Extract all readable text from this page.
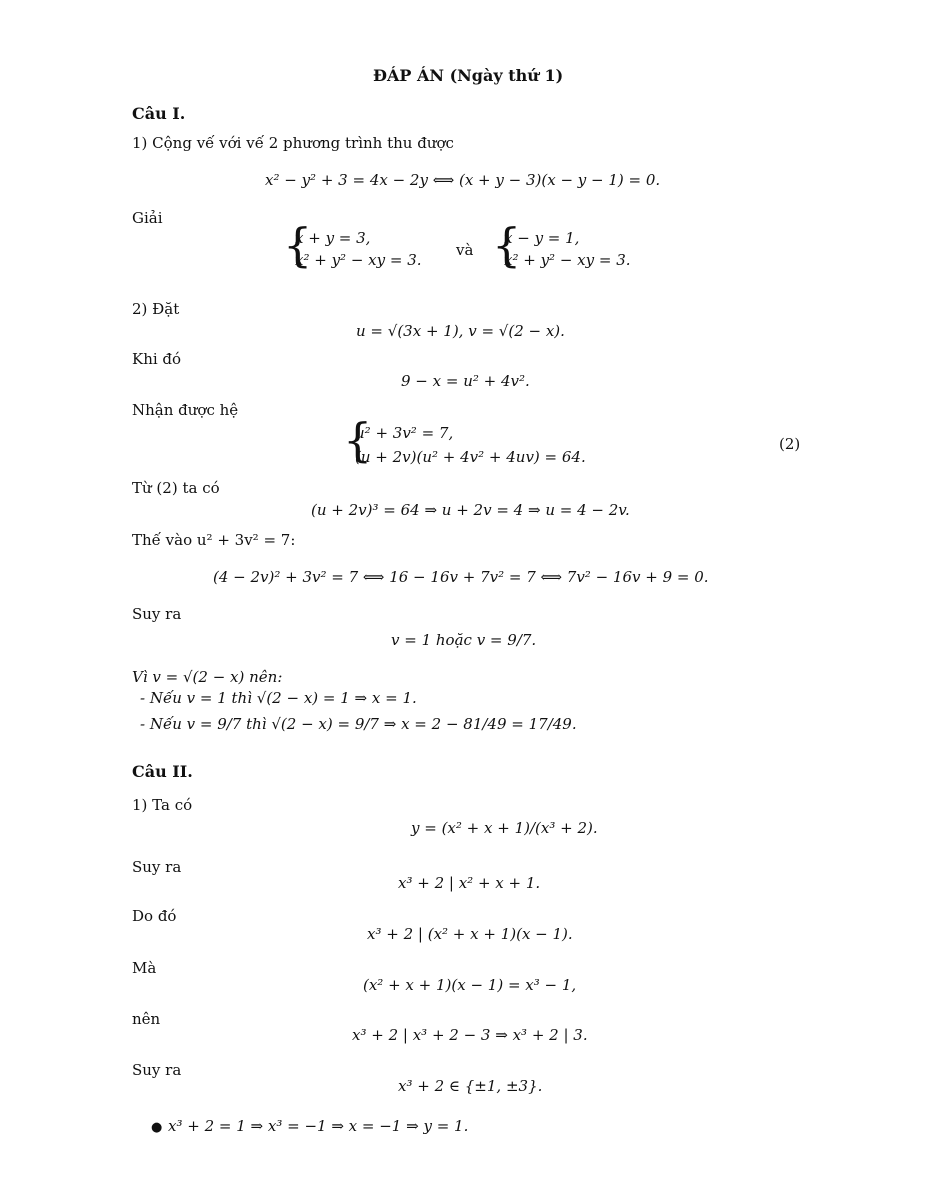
ĐÁP ÁN (Ngày thứ 1)
Câu I.
1) Cộng vế với vế 2 phương trình thu được
x² − y² + 3 = 4x − 2y ⟺ (x + y − 3)(x − y − 1) = 0.
Giải	{
x + y = 3,
x² + y² − xy = 3.
và {
x − y = 1,
x² + y² − xy = 3.
2) Đặt
u = √(3x + 1), v = √(2 − x).
Khi đó
9 − x = u² + 4v².
Nhận được hệ
{
u² + 3v² = 7,
(u + 2v)(u² + 4v² + 4uv) = 64.
(2)
Từ (2) ta có
(u + 2v)³ = 64 ⇒ u + 2v = 4 ⇒ u = 4 − 2v.
Thế vào u² + 3v² = 7:
(4 − 2v)² + 3v² = 7 ⟺ 16 − 16v + 7v² = 7 ⟺ 7v² − 16v + 9 = 0.
Suy ra
v = 1 hoặc v = 9/7.
Vì v = √(2 − x) nên:
- Nếu v = 1 thì √(2 − x) = 1 ⇒ x = 1.
- Nếu v = 9/7 thì √(2 − x) = 9/7 ⇒ x = 2 − 81/49 = 17/49.
Câu II.
1) Ta có
y = (x² + x + 1)/(x³ + 2).
Suy ra
x³ + 2 | x² + x + 1.
Do đó
x³ + 2 | (x² + x + 1)(x − 1).
Mà
(x² + x + 1)(x − 1) = x³ − 1,
nên
x³ + 2 | x³ + 2 − 3 ⇒ x³ + 2 | 3.
Suy ra
x³ + 2 ∈ {±1, ±3}.
● x³ + 2 = 1 ⇒ x³ = −1 ⇒ x = −1 ⇒ y = 1.
